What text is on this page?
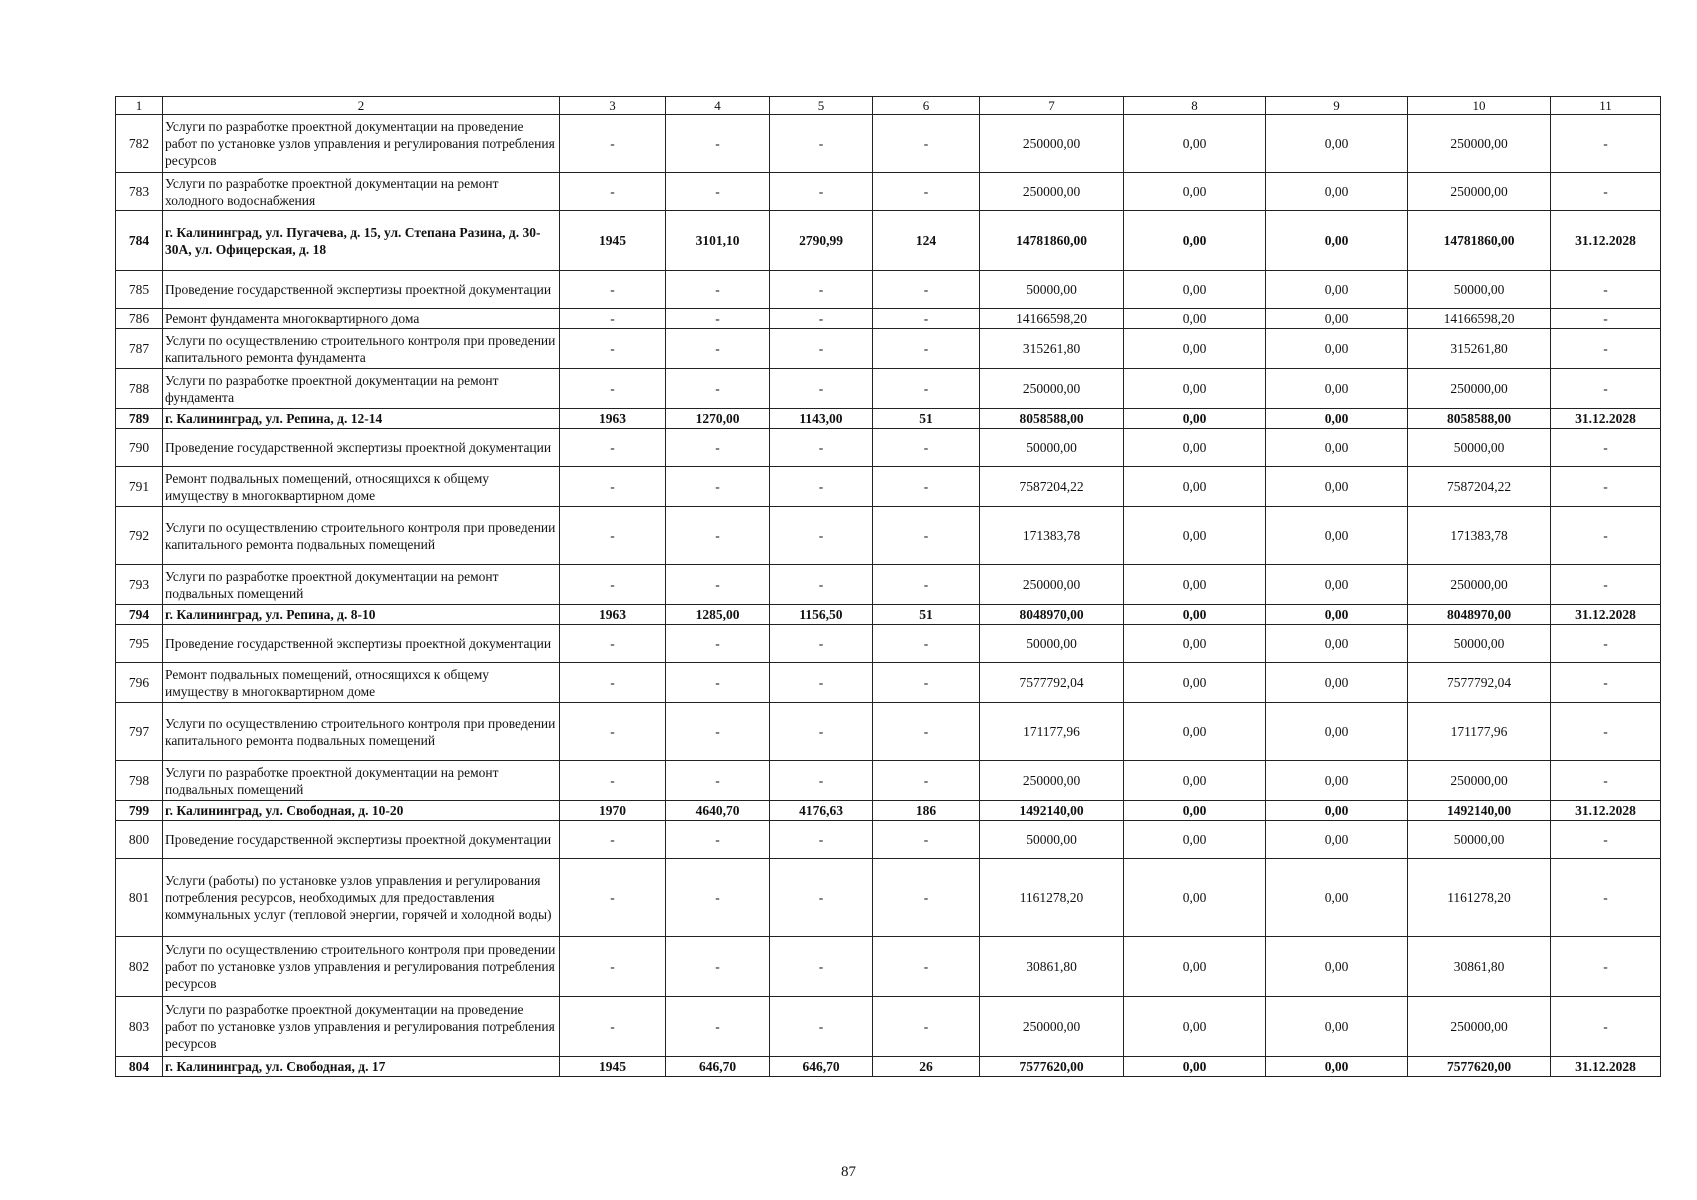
1	2	3	4	5	6	7	8	9	10	11
782	Услуги по разработке проектной документации на проведение работ по установке узлов управления и регулирования потребления ресурсов	-	-	-	-	250000,00	0,00	0,00	250000,00	-
783	Услуги по разработке проектной документации на ремонт холодного водоснабжения	-	-	-	-	250000,00	0,00	0,00	250000,00	-
784	г. Калининград, ул. Пугачева, д. 15, ул. Степана Разина, д. 30-30А, ул. Офицерская, д. 18	1945	3101,10	2790,99	124	14781860,00	0,00	0,00	14781860,00	31.12.2028
785	Проведение государственной экспертизы проектной документации	-	-	-	-	50000,00	0,00	0,00	50000,00	-
786	Ремонт фундамента многоквартирного дома	-	-	-	-	14166598,20	0,00	0,00	14166598,20	-
787	Услуги по осуществлению строительного контроля при проведении капитального ремонта фундамента	-	-	-	-	315261,80	0,00	0,00	315261,80	-
788	Услуги по разработке проектной документации на ремонт фундамента	-	-	-	-	250000,00	0,00	0,00	250000,00	-
789	г. Калининград, ул. Репина, д. 12-14	1963	1270,00	1143,00	51	8058588,00	0,00	0,00	8058588,00	31.12.2028
790	Проведение государственной экспертизы проектной документации	-	-	-	-	50000,00	0,00	0,00	50000,00	-
791	Ремонт подвальных помещений, относящихся к общему имуществу в многоквартирном доме	-	-	-	-	7587204,22	0,00	0,00	7587204,22	-
792	Услуги по осуществлению строительного контроля при проведении капитального ремонта подвальных помещений	-	-	-	-	171383,78	0,00	0,00	171383,78	-
793	Услуги по разработке проектной документации на ремонт подвальных помещений	-	-	-	-	250000,00	0,00	0,00	250000,00	-
794	г. Калининград, ул. Репина, д. 8-10	1963	1285,00	1156,50	51	8048970,00	0,00	0,00	8048970,00	31.12.2028
795	Проведение государственной экспертизы проектной документации	-	-	-	-	50000,00	0,00	0,00	50000,00	-
796	Ремонт подвальных помещений, относящихся к общему имуществу в многоквартирном доме	-	-	-	-	7577792,04	0,00	0,00	7577792,04	-
797	Услуги по осуществлению строительного контроля при проведении капитального ремонта подвальных помещений	-	-	-	-	171177,96	0,00	0,00	171177,96	-
798	Услуги по разработке проектной документации на ремонт подвальных помещений	-	-	-	-	250000,00	0,00	0,00	250000,00	-
799	г. Калининград, ул. Свободная, д. 10-20	1970	4640,70	4176,63	186	1492140,00	0,00	0,00	1492140,00	31.12.2028
800	Проведение государственной экспертизы проектной документации	-	-	-	-	50000,00	0,00	0,00	50000,00	-
801	Услуги (работы) по установке узлов управления и регулирования потребления ресурсов, необходимых для предоставления коммунальных услуг (тепловой энергии, горячей и холодной воды)	-	-	-	-	1161278,20	0,00	0,00	1161278,20	-
802	Услуги по осуществлению строительного контроля при проведении работ по установке узлов управления и регулирования потребления ресурсов	-	-	-	-	30861,80	0,00	0,00	30861,80	-
803	Услуги по разработке проектной документации на проведение работ по установке узлов управления и регулирования потребления ресурсов	-	-	-	-	250000,00	0,00	0,00	250000,00	-
804	г. Калининград, ул. Свободная, д. 17	1945	646,70	646,70	26	7577620,00	0,00	0,00	7577620,00	31.12.2028
87
